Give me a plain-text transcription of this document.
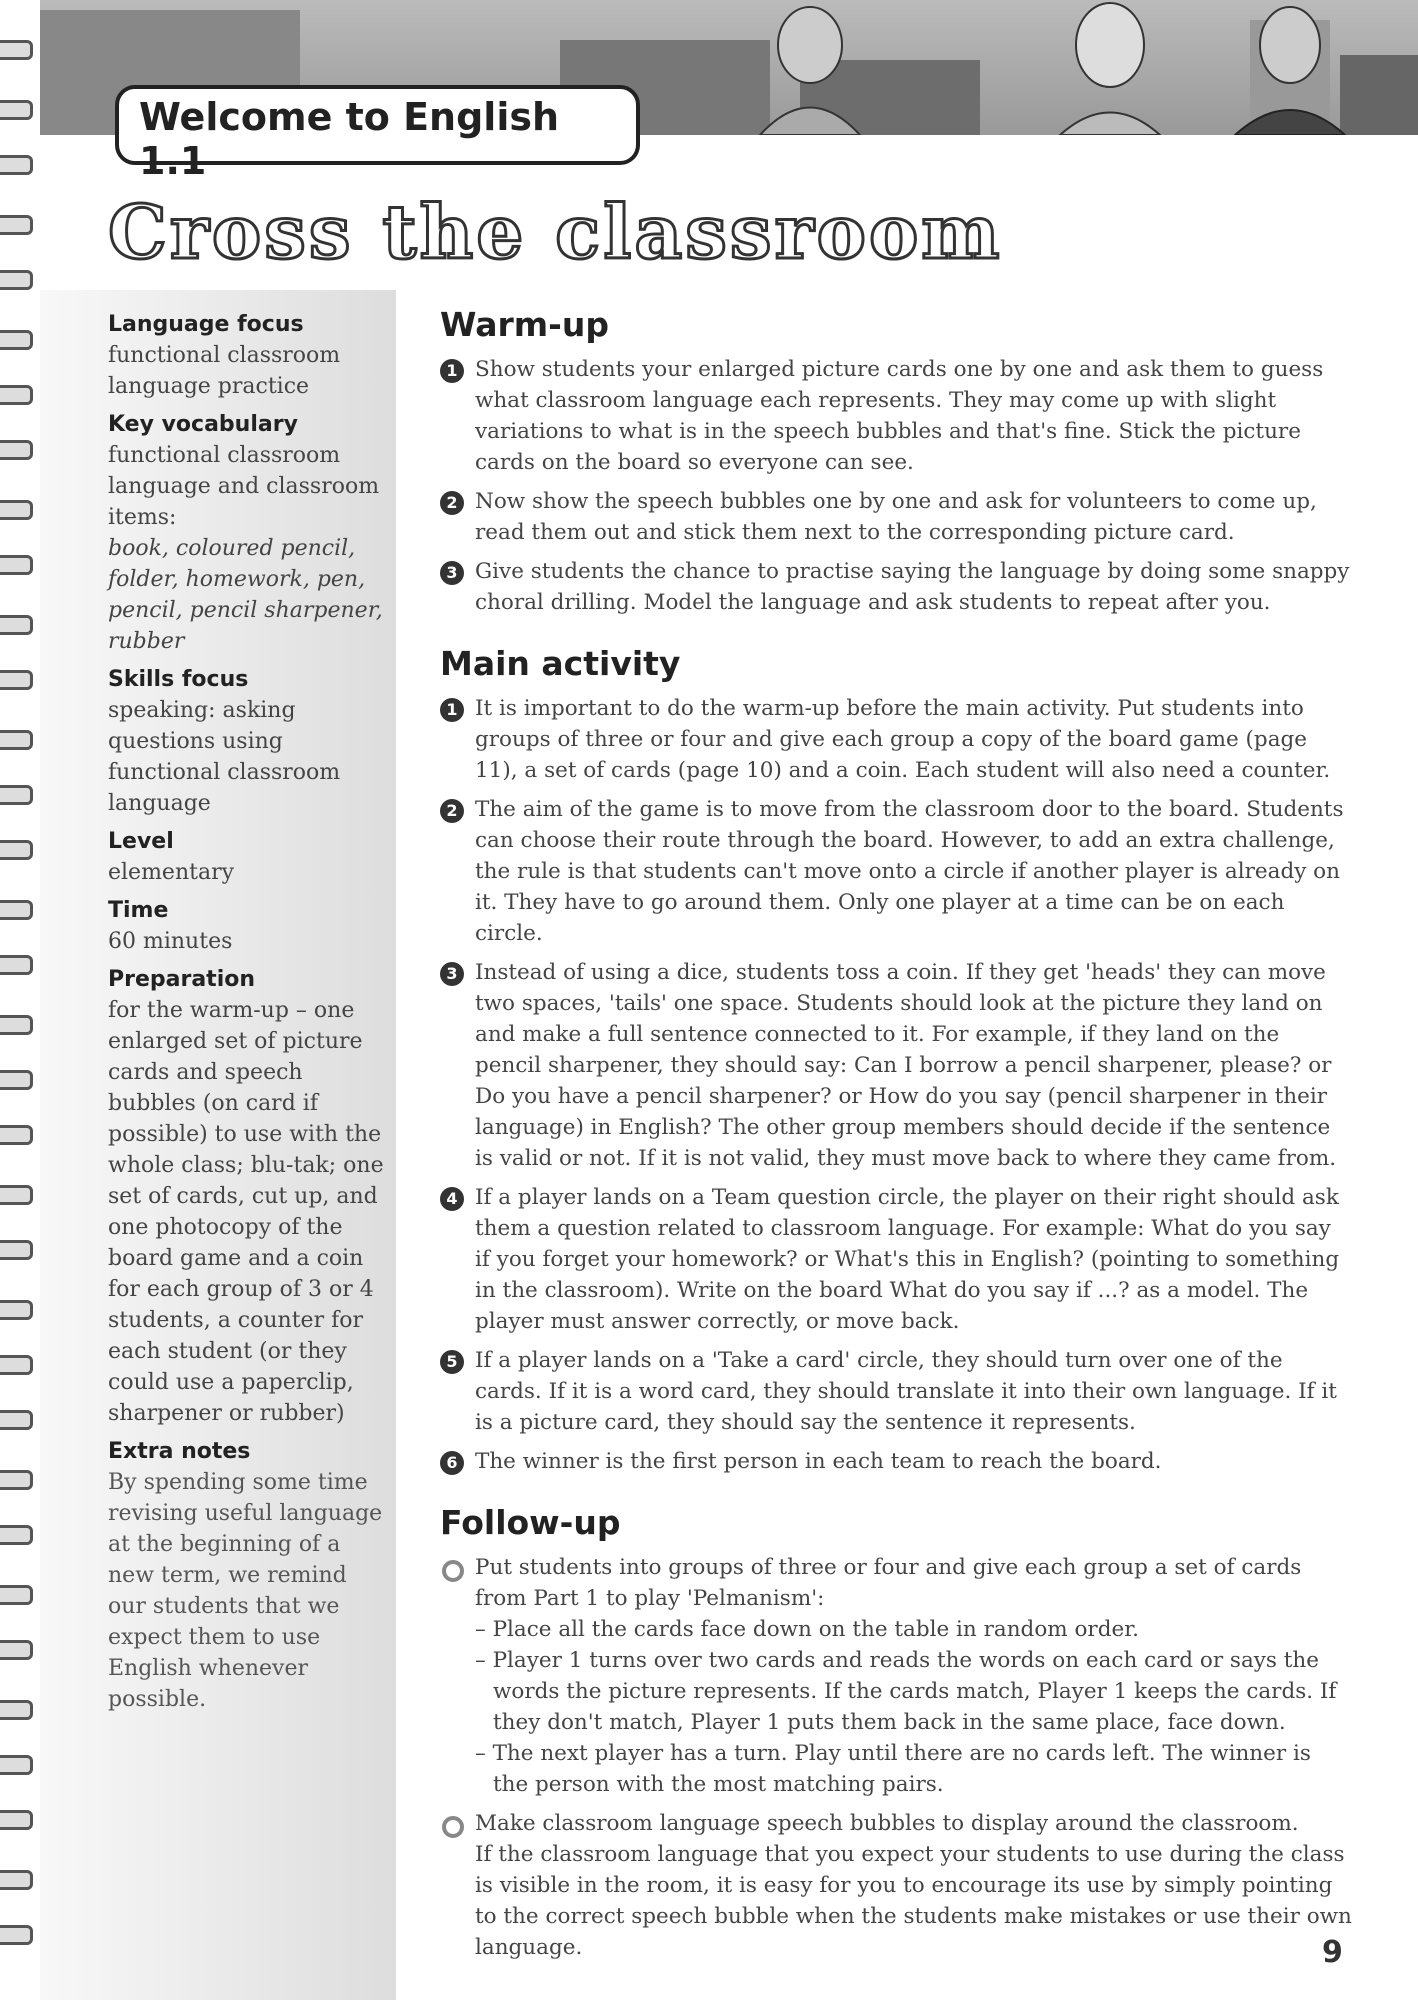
Welcome to English 1.1
Cross the classroom
Language focus

functional classroom language practice

Key vocabulary

functional classroom language and classroom items:

book, coloured pencil, folder, homework, pen, pencil, pencil sharpener, rubber

Skills focus

speaking: asking questions using functional classroom language

Level

elementary

Time

60 minutes

Preparation

for the warm-up – one enlarged set of picture cards and speech bubbles (on card if possible) to use with the whole class; blu-tak; one set of cards, cut up, and one photocopy of the board game and a coin for each group of 3 or 4 students, a counter for each student (or they could use a paperclip, sharpener or rubber)

Extra notes

By spending some time revising useful language at the beginning of a new term, we remind our students that we expect them to use English whenever possible.

Warm-up
1 Show students your enlarged picture cards one by one and ask them to guess what classroom language each represents. They may come up with slight variations to what is in the speech bubbles and that's fine. Stick the picture cards on the board so everyone can see.
2 Now show the speech bubbles one by one and ask for volunteers to come up, read them out and stick them next to the corresponding picture card.
3 Give students the chance to practise saying the language by doing some snappy choral drilling. Model the language and ask students to repeat after you.
Main activity
1 It is important to do the warm-up before the main activity. Put students into groups of three or four and give each group a copy of the board game (page 11), a set of cards (page 10) and a coin. Each student will also need a counter.
2 The aim of the game is to move from the classroom door to the board. Students can choose their route through the board. However, to add an extra challenge, the rule is that students can't move onto a circle if another player is already on it. They have to go around them. Only one player at a time can be on each circle.
3 Instead of using a dice, students toss a coin. If they get 'heads' they can move two spaces, 'tails' one space. Students should look at the picture they land on and make a full sentence connected to it. For example, if they land on the pencil sharpener, they should say: Can I borrow a pencil sharpener, please? or Do you have a pencil sharpener? or How do you say (pencil sharpener in their language) in English? The other group members should decide if the sentence is valid or not. If it is not valid, they must move back to where they came from.
4 If a player lands on a Team question circle, the player on their right should ask them a question related to classroom language. For example: What do you say if you forget your homework? or What's this in English? (pointing to something in the classroom). Write on the board What do you say if ...? as a model. The player must answer correctly, or move back.
5 If a player lands on a 'Take a card' circle, they should turn over one of the cards. If it is a word card, they should translate it into their own language. If it is a picture card, they should say the sentence it represents.
6 The winner is the first person in each team to reach the board.
Follow-up
Put students into groups of three or four and give each group a set of cards from Part 1 to play 'Pelmanism':
– Place all the cards face down on the table in random order.
– Player 1 turns over two cards and reads the words on each card or says the words the picture represents. If the cards match, Player 1 keeps the cards. If they don't match, Player 1 puts them back in the same place, face down.
– The next player has a turn. Play until there are no cards left. The winner is the person with the most matching pairs.
Make classroom language speech bubbles to display around the classroom.
If the classroom language that you expect your students to use during the class is visible in the room, it is easy for you to encourage its use by simply pointing to the correct speech bubble when the students make mistakes or use their own language.	9
